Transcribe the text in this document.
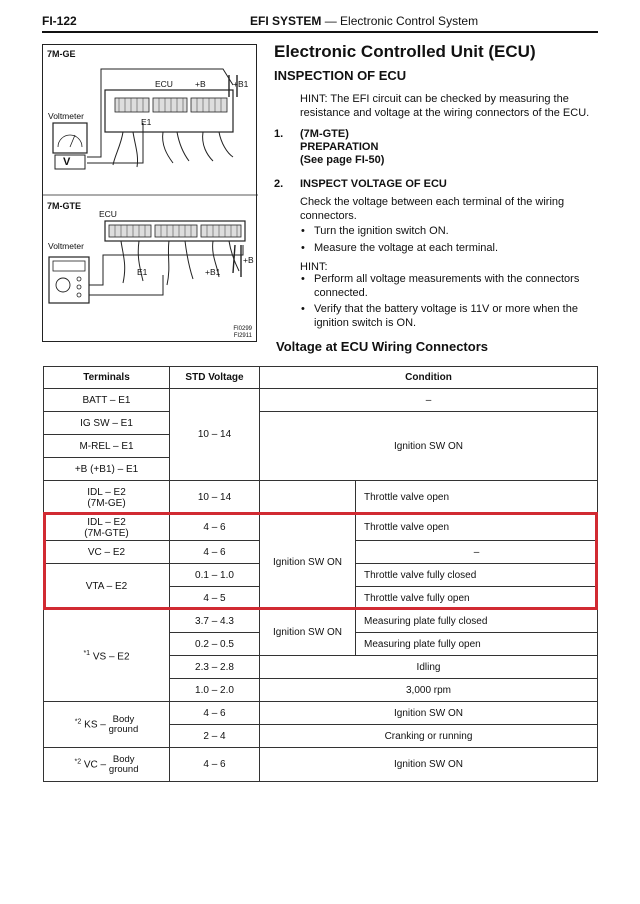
FI-122	EFI SYSTEM — Electronic Control System
7M-GE
ECU	+B	+B1
E1
Voltmeter
V
7M-GTE
ECU
Voltmeter
E1	+B1
+B
FI0299
FI2911
Electronic Controlled Unit (ECU)
INSPECTION OF ECU
HINT: The EFI circuit can be checked by measuring the resistance and voltage at the wiring connectors of the ECU.
1. (7M-GTE)
PREPARATION
(See page FI-50)
2. INSPECT VOLTAGE OF ECU
Check the voltage between each terminal of the wiring connectors.
• Turn the ignition switch ON.
• Measure the voltage at each terminal.
HINT:
• Perform all voltage measurements with the connectors connected.
• Verify that the battery voltage is 11V or more when the ignition switch is ON.
Voltage at ECU Wiring Connectors
Terminals	STD Voltage	Condition	
BATT – E1	10 – 14	–	
IG SW – E1		Ignition SW ON	
M-REL – E1			
+B (+B1) – E1			

IDL – E2
(7M-GE)	10 – 14		Throttle valve open

IDL – E2
(7M-GTE)	4 – 6	Ignition SW ON	Throttle valve open
VC – E2	4 – 6		–
VTA – E2	0.1 – 1.0		Throttle valve fully closed
	4 – 5		Throttle valve fully open
$^{*1}$ VS – E2	3.7 – 4.3	Ignition SW ON	Measuring plate fully closed
	0.2 – 0.5		Measuring plate fully open
	2.3 – 2.8	Idling	
	1.0 – 2.0	3,000 rpm	
$^{*2}$ KS –
Body
ground	4 – 6	Ignition SW ON	
	2 – 4	Cranking or running	
$^{*2}$ VC –
Body
ground	4 – 6	Ignition SW ON	
